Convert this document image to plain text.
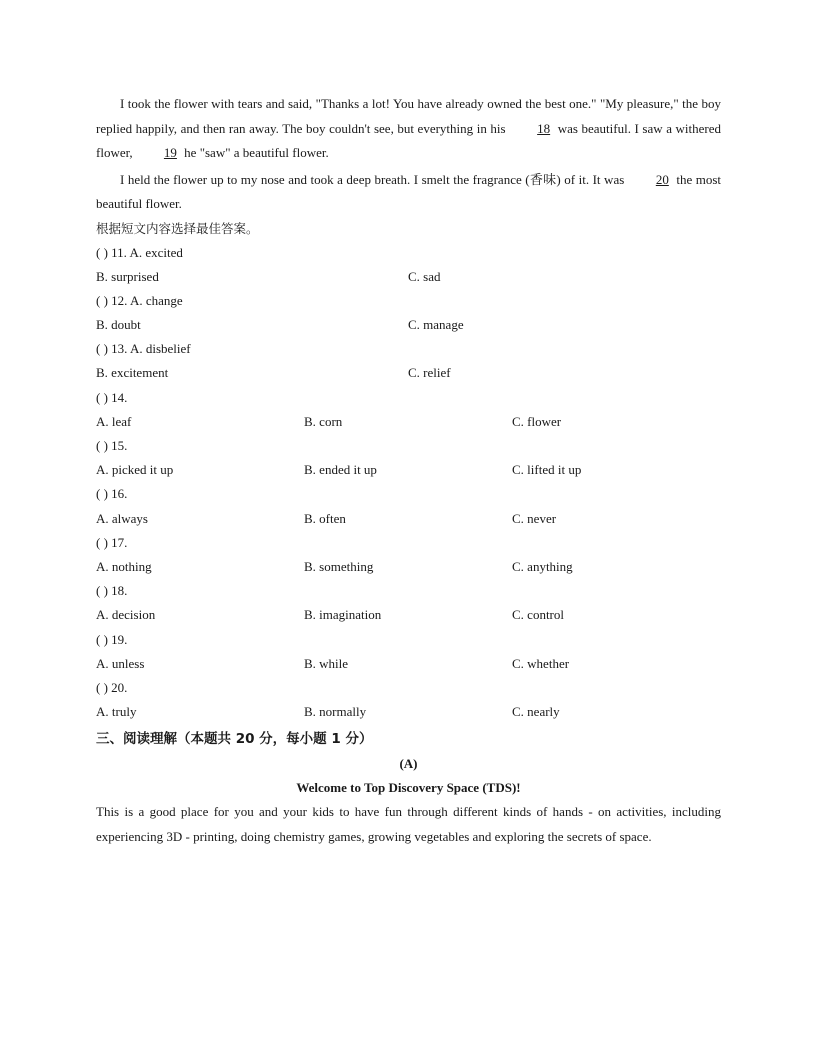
I took the flower with tears and said, "Thanks a lot! You have already owned the best one." "My pleasure," the boy replied happily, and then ran away. The boy couldn't see, but everything in his 18 was beautiful. I saw a withered flower, 19 he "saw" a beautiful flower.

I held the flower up to my nose and took a deep breath. I smelt the fragrance (香味) of it. It was 20 the most beautiful flower.

根据短文内容选择最佳答案。

( ) 11. A. excited
B. surprised	C. sad
( ) 12. A. change
B. doubt	C. manage
( ) 13. A. disbelief
B. excitement	C. relief
( ) 14.
A. leaf	B. corn	C. flower
( ) 15.
A. picked it up	B. ended it up	C. lifted it up
( ) 16.
A. always	B. often	C. never
( ) 17.
A. nothing	B. something	C. anything
( ) 18.
A. decision	B. imagination	C. control
( ) 19.
A. unless	B. while	C. whether
( ) 20.
A. truly	B. normally	C. nearly
三、阅读理解（本题共 20 分，每小题 1 分）
(A)
Welcome to Top Discovery Space (TDS)!

This is a good place for you and your kids to have fun through different kinds of hands - on activities, including experiencing 3D - printing, doing chemistry games, growing vegetables and exploring the secrets of space.
